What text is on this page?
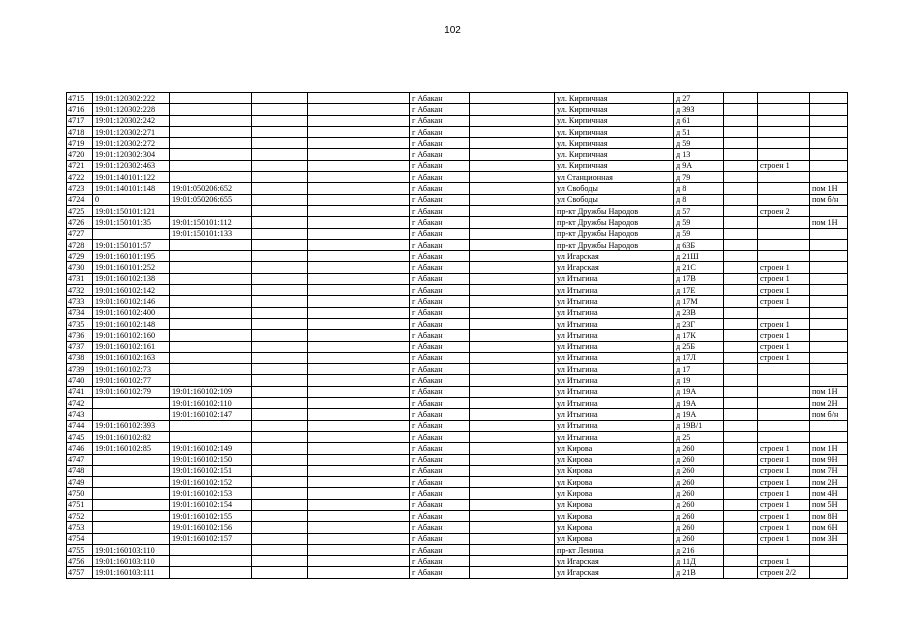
102
4715	19:01:120302:222				г Абакан		ул. Кирпичная	д 27			
4716	19:01:120302:228				г Абакан		ул. Кирпичная	д 39З			
4717	19:01:120302:242				г Абакан		ул. Кирпичная	д 61			
4718	19:01:120302:271				г Абакан		ул. Кирпичная	д 51			
4719	19:01:120302:272				г Абакан		ул. Кирпичная	д 59			
4720	19:01:120302:304				г Абакан		ул. Кирпичная	д 13			
4721	19:01:120302:463				г Абакан		ул. Кирпичная	д 9А		строен 1	
4722	19:01:140101:122				г Абакан		ул Станционная	д 79			
4723	19:01:140101:148	19:01:050206:652			г Абакан		ул Свободы	д 8			пом 1Н
4724	0	19:01:050206:655			г Абакан		ул Свободы	д 8			пом б/н
4725	19:01:150101:121				г Абакан		пр-кт Дружбы Народов	д 57		строен 2	
4726	19:01:150101:35	19:01:150101:112			г Абакан		пр-кт Дружбы Народов	д 59			пом 1Н
4727		19:01:150101:133			г Абакан		пр-кт Дружбы Народов	д 59			
4728	19:01:150101:57				г Абакан		пр-кт Дружбы Народов	д 63Б			
4729	19:01:160101:195				г Абакан		ул Игарская	д 21Ш			
4730	19:01:160101:252				г Абакан		ул Игарская	д 21С		строен 1	
4731	19:01:160102:138				г Абакан		ул Итыгина	д 17В		строен 1	
4732	19:01:160102:142				г Абакан		ул Итыгина	д 17Е		строен 1	
4733	19:01:160102:146				г Абакан		ул Итыгина	д 17М		строен 1	
4734	19:01:160102:400				г Абакан		ул Итыгина	д 23В			
4735	19:01:160102:148				г Абакан		ул Итыгина	д 23Г		строен 1	
4736	19:01:160102:160				г Абакан		ул Итыгина	д 17К		строен 1	
4737	19:01:160102:161				г Абакан		ул Итыгина	д 25Б		строен 1	
4738	19:01:160102:163				г Абакан		ул Итыгина	д 17Л		строен 1	
4739	19:01:160102:73				г Абакан		ул Итыгина	д 17			
4740	19:01:160102:77				г Абакан		ул Итыгина	д 19			
4741	19:01:160102:79	19:01:160102:109			г Абакан		ул Итыгина	д 19А			пом 1Н
4742		19:01:160102:110			г Абакан		ул Итыгина	д 19А			пом 2Н
4743		19:01:160102:147			г Абакан		ул Итыгина	д 19А			пом б/н
4744	19:01:160102:393				г Абакан		ул Итыгина	д 19В/1			
4745	19:01:160102:82				г Абакан		ул Итыгина	д 25			
4746	19:01:160102:85	19:01:160102:149			г Абакан		ул Кирова	д 260		строен 1	пом 1Н
4747		19:01:160102:150			г Абакан		ул Кирова	д 260		строен 1	пом 9Н
4748		19:01:160102:151			г Абакан		ул Кирова	д 260		строен 1	пом 7Н
4749		19:01:160102:152			г Абакан		ул Кирова	д 260		строен 1	пом 2Н
4750		19:01:160102:153			г Абакан		ул Кирова	д 260		строен 1	пом 4Н
4751		19:01:160102:154			г Абакан		ул Кирова	д 260		строен 1	пом 5Н
4752		19:01:160102:155			г Абакан		ул Кирова	д 260		строен 1	пом 8Н
4753		19:01:160102:156			г Абакан		ул Кирова	д 260		строен 1	пом 6Н
4754		19:01:160102:157			г Абакан		ул Кирова	д 260		строен 1	пом 3Н
4755	19:01:160103:110				г Абакан		пр-кт Ленина	д 216			
4756	19:01:160103:110				г Абакан		ул Игарская	д 11Д		строен 1	
4757	19:01:160103:111				г Абакан		ул Игарская	д 21В		строен 2/2	
